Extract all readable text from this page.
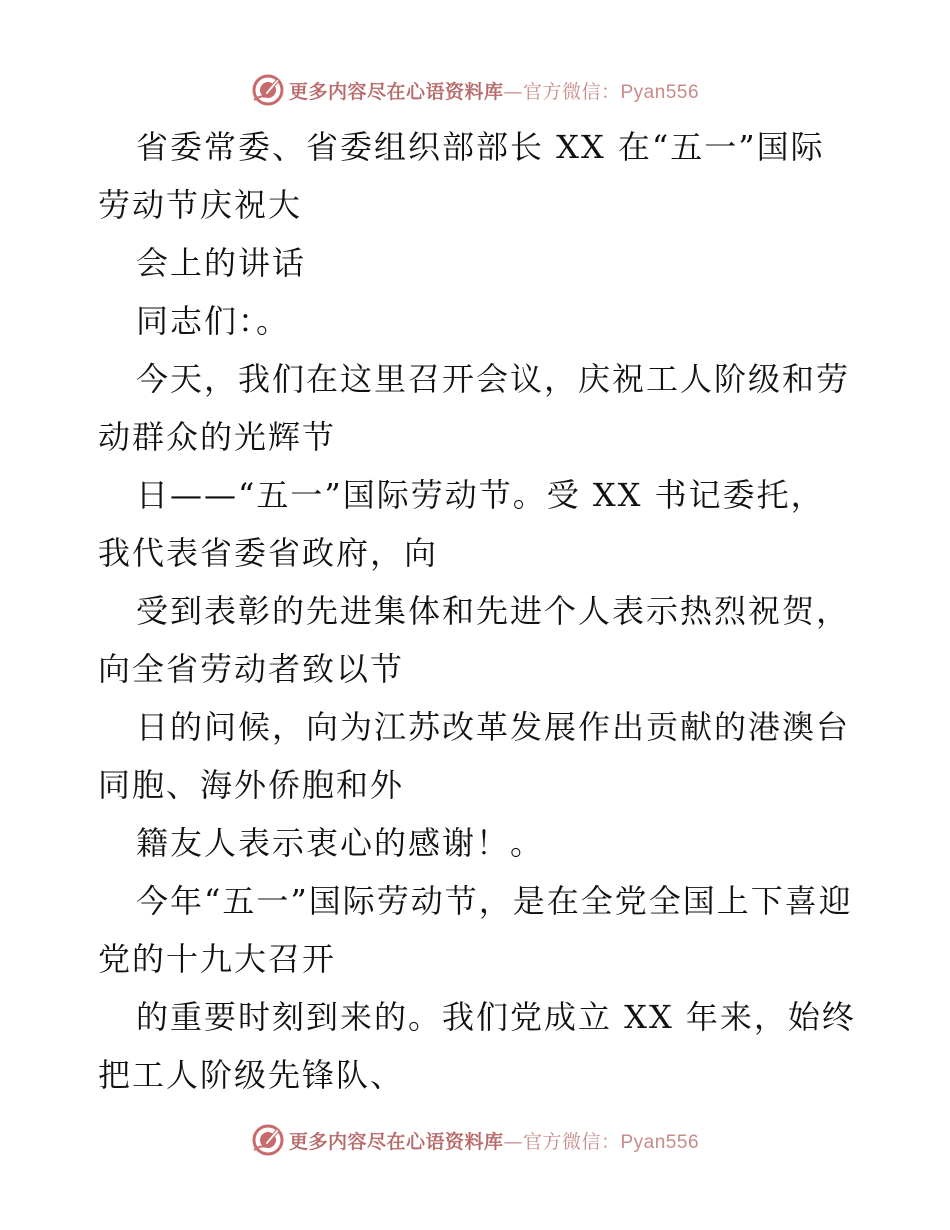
更多内容尽在心语资料库—官方微信：Pyan556

省委常委、省委组织部部长 XX 在“五一”国际劳动节庆祝大

会上的讲话

同志们：。

今天，我们在这里召开会议，庆祝工人阶级和劳动群众的光辉节

日——“五一”国际劳动节。受 XX 书记委托，我代表省委省政府，向

受到表彰的先进集体和先进个人表示热烈祝贺，向全省劳动者致以节

日的问候，向为江苏改革发展作出贡献的港澳台同胞、海外侨胞和外

籍友人表示衷心的感谢！。

今年“五一”国际劳动节，是在全党全国上下喜迎党的十九大召开

的重要时刻到来的。我们党成立 XX 年来，始终把工人阶级先锋队、

更多内容尽在心语资料库—官方微信：Pyan556
